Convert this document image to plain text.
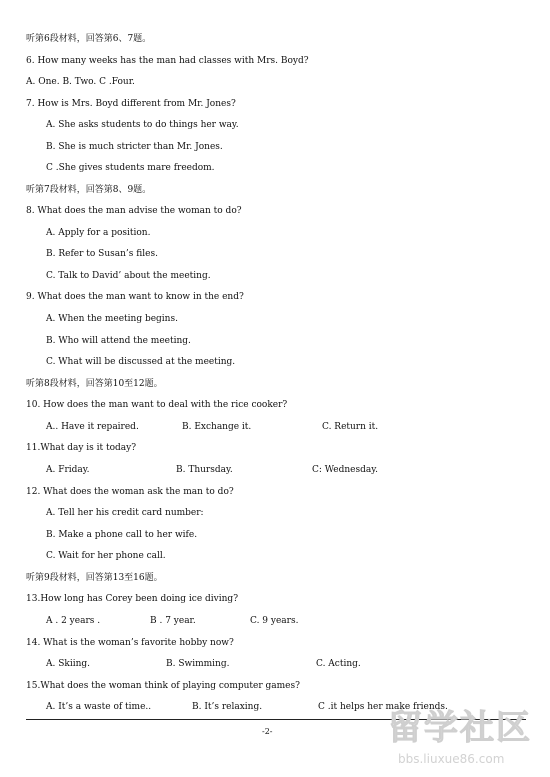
听第6段材料，回答第6、7题。
6. How many weeks has the man had classes with Mrs. Boyd?
A. One. B. Two. C .Four.
7. How is Mrs. Boyd different from Mr. Jones?
A. She asks students to do things her way.
B. She is much stricter than Mr. Jones.
C .She gives students mare freedom.
听第7段材料，回答第8、9题。
8. What does the man advise the woman to do?
A. Apply for a position.
B. Refer to Susan’s files.
C. Talk to David’ about the meeting.
9. What does the man want to know in the end?
A. When the meeting begins.
B. Who will attend the meeting.
C. What will be discussed at the meeting.
听第8段材料，回答第10至12题。
10. How does the man want to deal with the rice cooker?

A.. Have it repaired.

	B. Exchange it.

	C. Return it.

11.What day is it today?

A. Friday.

	B. Thursday.

	C: Wednesday.

12. What does the woman ask the man to do?
A. Tell her his credit card number:
B. Make a phone call to her wife.
C. Wait for her phone call.
听第9段材料，回答第13至16题。
13.How long has Corey been doing ice diving?

A . 2 years .

	B . 7 year.

	C. 9 years.

14. What is the woman’s favorite hobby now?

A. Skiing.

	B. Swimming.

	C. Acting.

15.What does the woman think of playing computer games?

A. It’s a waste of time..

	B. It’s relaxing.

	C .it helps her make friends.

-2-	留学社区
bbs.liuxue86.com
